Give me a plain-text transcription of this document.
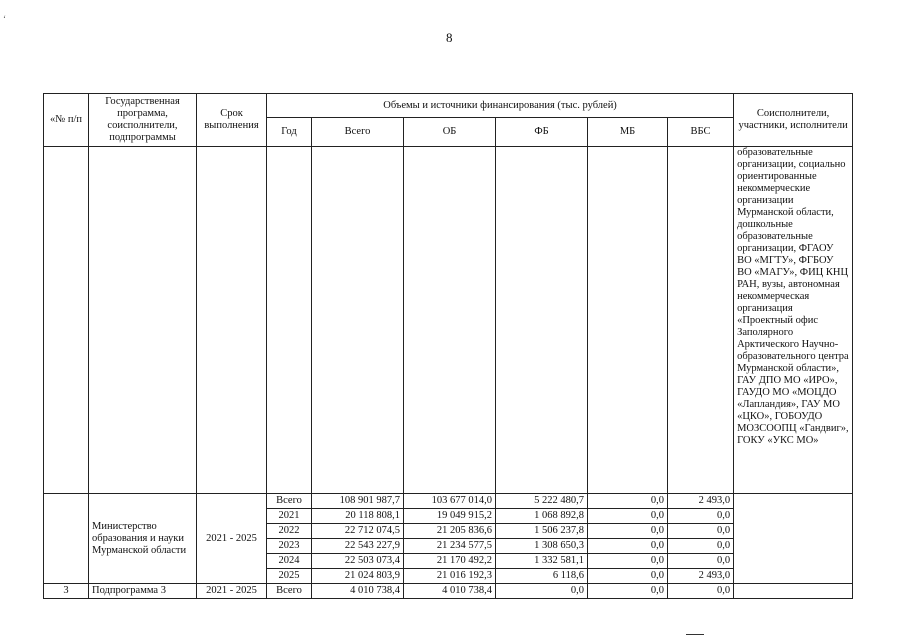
‘
8
«№ п/п	Государственная программа, соисполнители, подпрограммы	Срок выполнения	Объемы и источники финансирования (тыс. рублей)						Соисполнители, участники, исполнители
			Год	Всего	ОБ	ФБ	МБ	ВБС	
									образовательные организации, социально ориентированные некоммерческие организации Мурманской области, дошкольные образовательные организации, ФГАОУ ВО «МГТУ», ФГБОУ ВО «МАГУ», ФИЦ КНЦ РАН, вузы, автономная некоммерческая организация «Проектный офис Заполярного Арктического Научно-образовательного центра Мурманской области», ГАУ ДПО МО «ИРО», ГАУДО МО «МОЦДО «Лапландия», ГАУ МО «ЦКО», ГОБОУДО МОЗСООПЦ «Гандвиг», ГОКУ «УКС МО»
	Министерство образования и науки Мурманской области	2021 - 2025	Всего	108 901 987,7	103 677 014,0	5 222 480,7	0,0	2 493,0	
			2021	20 118 808,1	19 049 915,2	1 068 892,8	0,0	0,0	
			2022	22 712 074,5	21 205 836,6	1 506 237,8	0,0	0,0	
			2023	22 543 227,9	21 234 577,5	1 308 650,3	0,0	0,0	
			2024	22 503 073,4	21 170 492,2	1 332 581,1	0,0	0,0	
			2025	21 024 803,9	21 016 192,3	6 118,6	0,0	2 493,0	
3	Подпрограмма 3	2021 - 2025	Всего	4 010 738,4	4 010 738,4	0,0	0,0	0,0	
